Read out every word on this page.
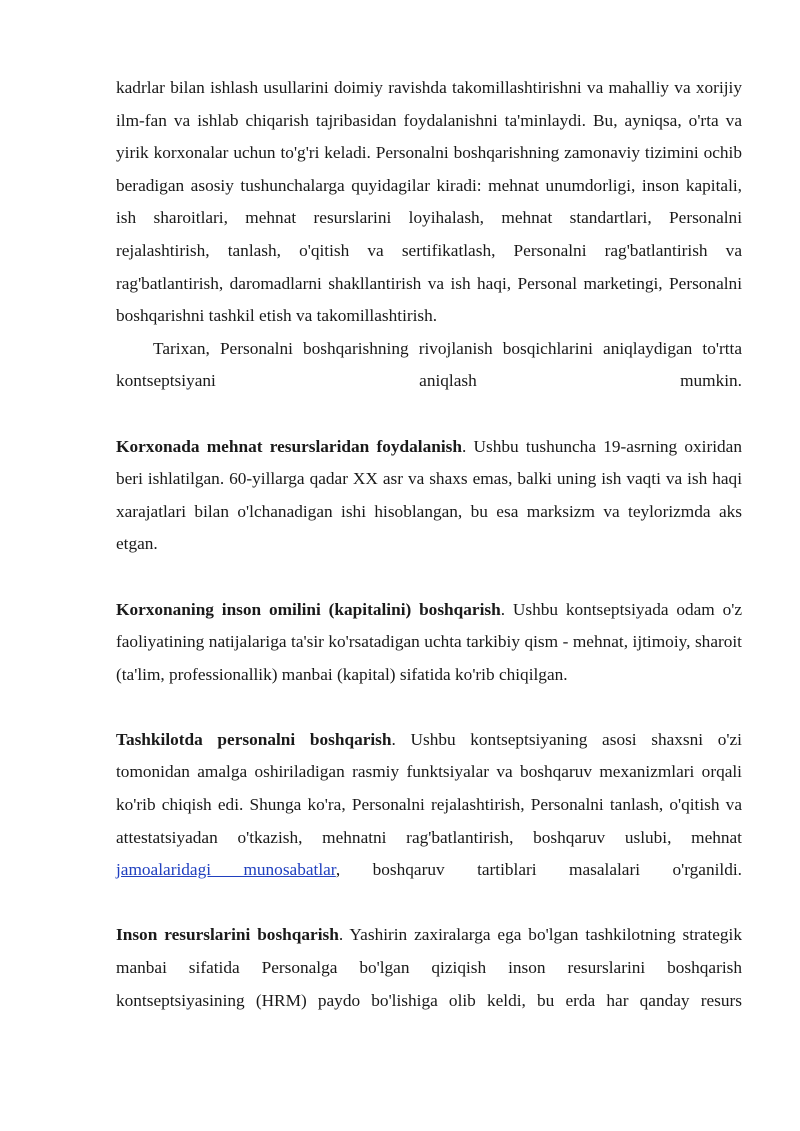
kadrlar bilan ishlash usullarini doimiy ravishda takomillashtirishni va mahalliy va xorijiy ilm-fan va ishlab chiqarish tajribasidan foydalanishni ta'minlaydi. Bu, ayniqsa, o'rta va yirik korxonalar uchun to'g'ri keladi. Personalni boshqarishning zamonaviy tizimini ochib beradigan asosiy tushunchalarga quyidagilar kiradi: mehnat unumdorligi, inson kapitali, ish sharoitlari, mehnat resurslarini loyihalash, mehnat standartlari, Personalni rejalashtirish, tanlash, o'qitish va sertifikatlash, Personalni rag'batlantirish va rag'batlantirish, daromadlarni shakllantirish va ish haqi, Personal marketingi, Personalni boshqarishni tashkil etish va takomillashtirish.

Tarixan, Personalni boshqarishning rivojlanish bosqichlarini aniqlaydigan to'rtta kontseptsiyani aniqlash mumkin.

Korxonada mehnat resurslaridan foydalanish. Ushbu tushuncha 19-asrning oxiridan beri ishlatilgan. 60-yillarga qadar XX asr va shaxs emas, balki uning ish vaqti va ish haqi xarajatlari bilan o'lchanadigan ishi hisoblangan, bu esa marksizm va teylorizmda aks etgan.

Korxonaning inson omilini (kapitalini) boshqarish. Ushbu kontseptsiyada odam o'z faoliyatining natijalariga ta'sir ko'rsatadigan uchta tarkibiy qism - mehnat, ijtimoiy, sharoit (ta'lim, professionallik) manbai (kapital) sifatida ko'rib chiqilgan.

Tashkilotda personalni boshqarish. Ushbu kontseptsiyaning asosi shaxsni o'zi tomonidan amalga oshiriladigan rasmiy funktsiyalar va boshqaruv mexanizmlari orqali ko'rib chiqish edi. Shunga ko'ra, Personalni rejalashtirish, Personalni tanlash, o'qitish va attestatsiyadan o'tkazish, mehnatni rag'batlantirish, boshqaruv uslubi, mehnat jamoalaridagi munosabatlar, boshqaruv tartiblari masalalari o'rganildi.

Inson resurslarini boshqarish. Yashirin zaxiralarga ega bo'lgan tashkilotning strategik manbai sifatida Personalga bo'lgan qiziqish inson resurslarini boshqarish kontseptsiyasining (HRM) paydo bo'lishiga olib keldi, bu erda har qanday resurs
